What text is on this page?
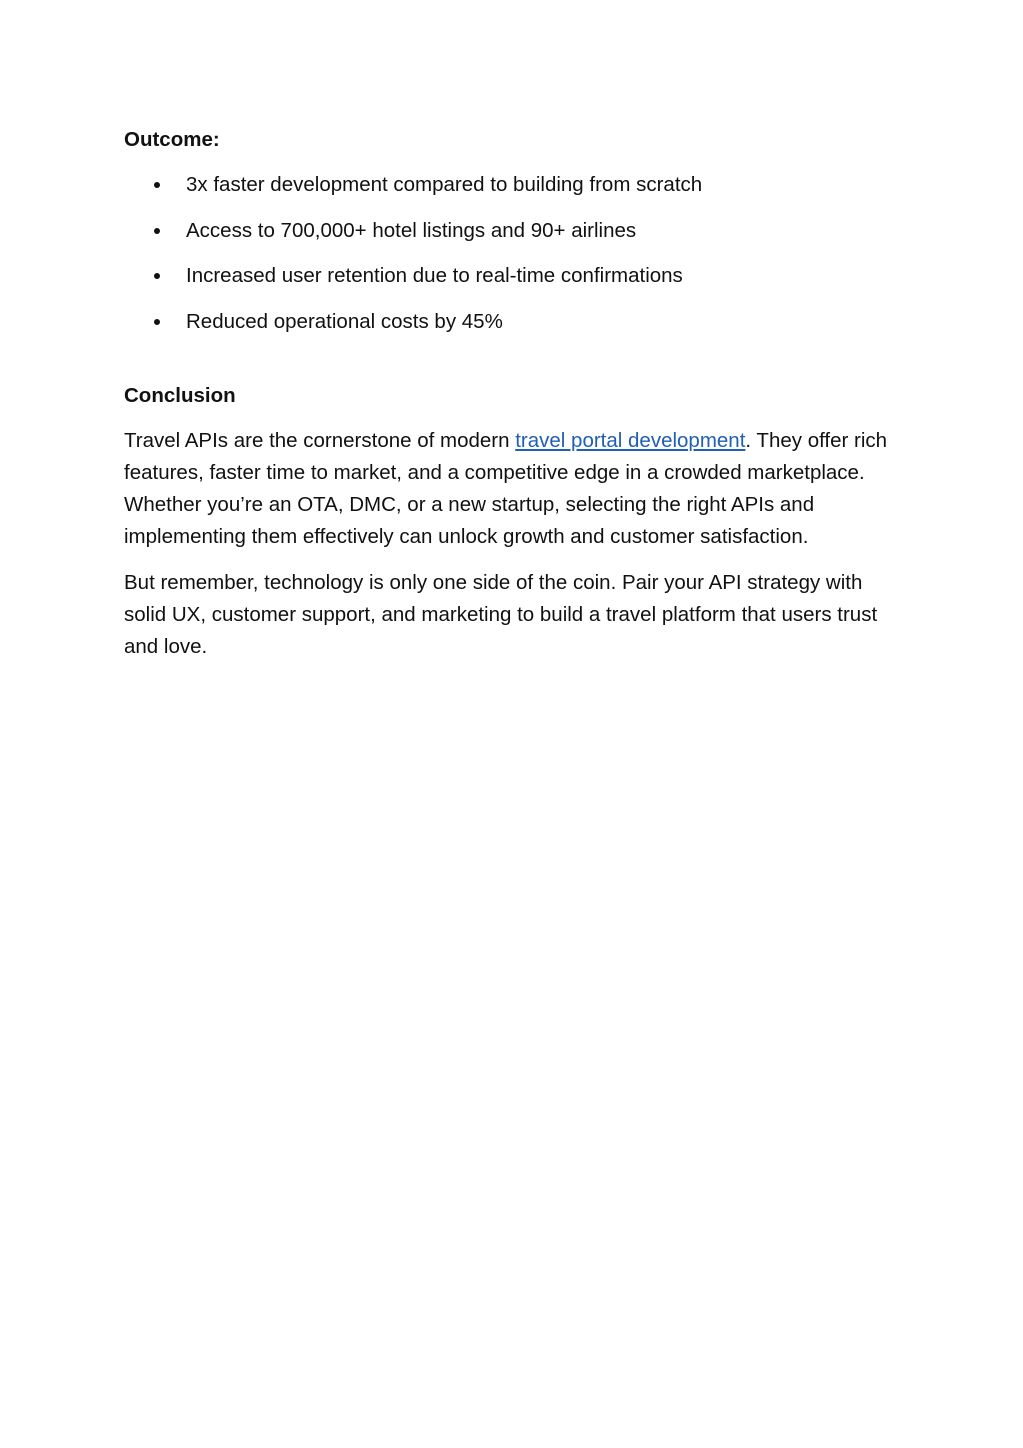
Outcome:
3x faster development compared to building from scratch
Access to 700,000+ hotel listings and 90+ airlines
Increased user retention due to real-time confirmations
Reduced operational costs by 45%
Conclusion

Travel APIs are the cornerstone of modern travel portal development. They offer rich features, faster time to market, and a competitive edge in a crowded marketplace. Whether you’re an OTA, DMC, or a new startup, selecting the right APIs and implementing them effectively can unlock growth and customer satisfaction.

But remember, technology is only one side of the coin. Pair your API strategy with solid UX, customer support, and marketing to build a travel platform that users trust and love.
